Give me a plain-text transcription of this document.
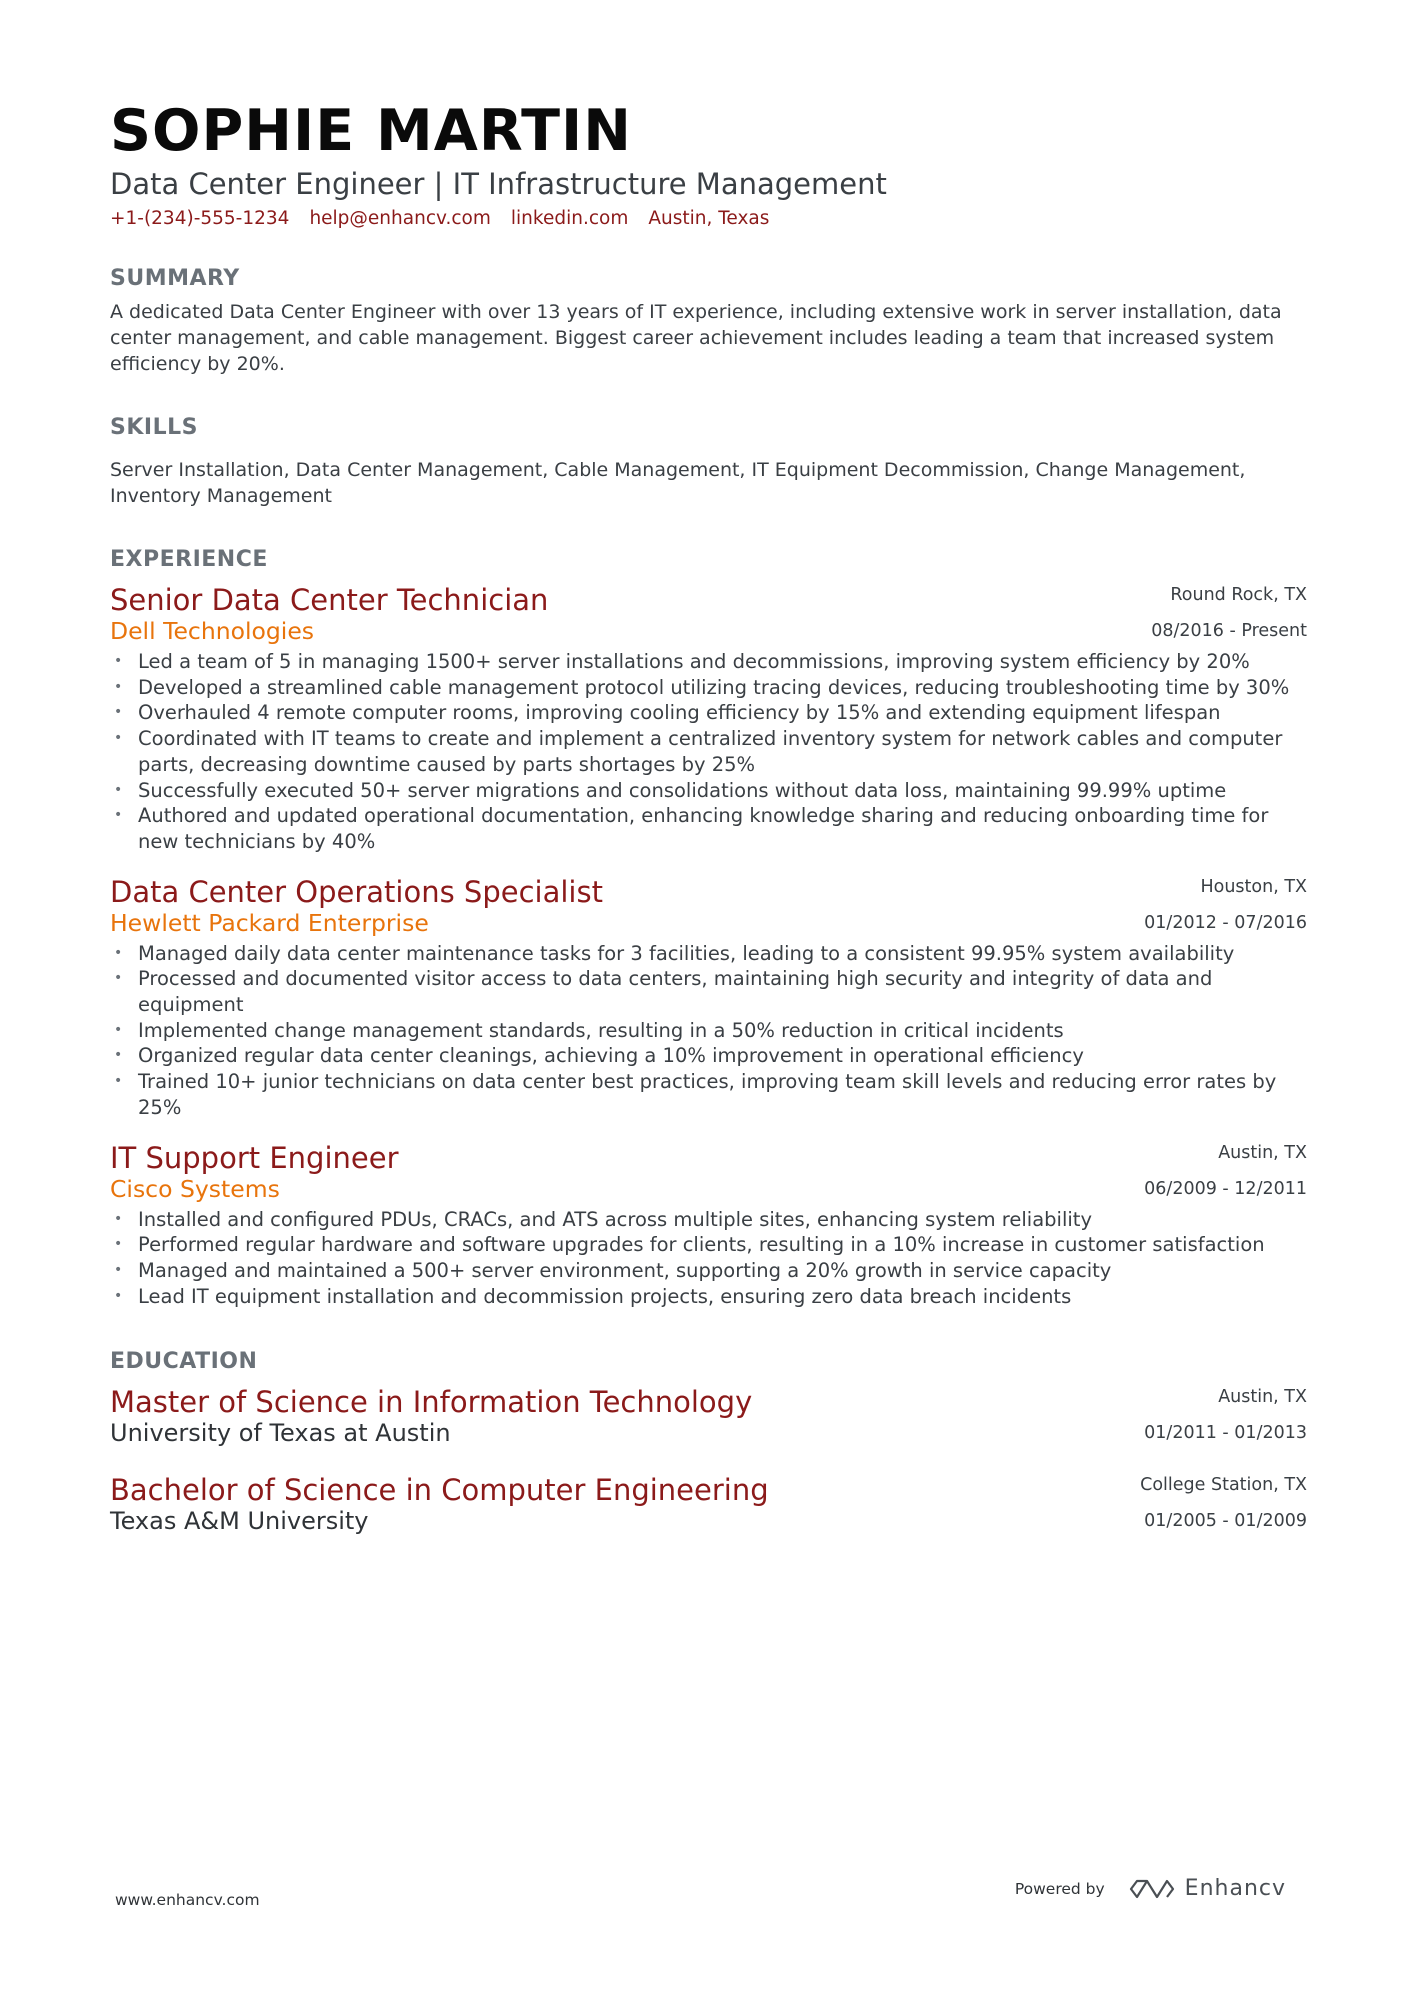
SOPHIE MARTIN
Data Center Engineer | IT Infrastructure Management
+1-(234)-555-1234 help@enhancv.com linkedin.com Austin, Texas
SUMMARY
A dedicated Data Center Engineer with over 13 years of IT experience, including extensive work in server installation, data center management, and cable management. Biggest career achievement includes leading a team that increased system efficiency by 20%.
SKILLS
Server Installation, Data Center Management, Cable Management, IT Equipment Decommission, Change Management, Inventory Management
EXPERIENCE
Senior Data Center Technician
Dell Technologies
Round Rock, TX
08/2016 - Present
• Led a team of 5 in managing 1500+ server installations and decommissions, improving system efficiency by 20%
• Developed a streamlined cable management protocol utilizing tracing devices, reducing troubleshooting time by 30%
• Overhauled 4 remote computer rooms, improving cooling efficiency by 15% and extending equipment lifespan
• Coordinated with IT teams to create and implement a centralized inventory system for network cables and computer parts, decreasing downtime caused by parts shortages by 25%
• Successfully executed 50+ server migrations and consolidations without data loss, maintaining 99.99% uptime
• Authored and updated operational documentation, enhancing knowledge sharing and reducing onboarding time for new technicians by 40%
Data Center Operations Specialist
Hewlett Packard Enterprise
Houston, TX
01/2012 - 07/2016
• Managed daily data center maintenance tasks for 3 facilities, leading to a consistent 99.95% system availability
• Processed and documented visitor access to data centers, maintaining high security and integrity of data and equipment
• Implemented change management standards, resulting in a 50% reduction in critical incidents
• Organized regular data center cleanings, achieving a 10% improvement in operational efficiency
• Trained 10+ junior technicians on data center best practices, improving team skill levels and reducing error rates by 25%
IT Support Engineer
Cisco Systems
Austin, TX
06/2009 - 12/2011
• Installed and configured PDUs, CRACs, and ATS across multiple sites, enhancing system reliability
• Performed regular hardware and software upgrades for clients, resulting in a 10% increase in customer satisfaction
• Managed and maintained a 500+ server environment, supporting a 20% growth in service capacity
• Lead IT equipment installation and decommission projects, ensuring zero data breach incidents
EDUCATION
Master of Science in Information Technology
University of Texas at Austin
Austin, TX
01/2011 - 01/2013
Bachelor of Science in Computer Engineering
Texas A&M University
College Station, TX
01/2005 - 01/2009
www.enhancv.com
Powered by	Enhancv
